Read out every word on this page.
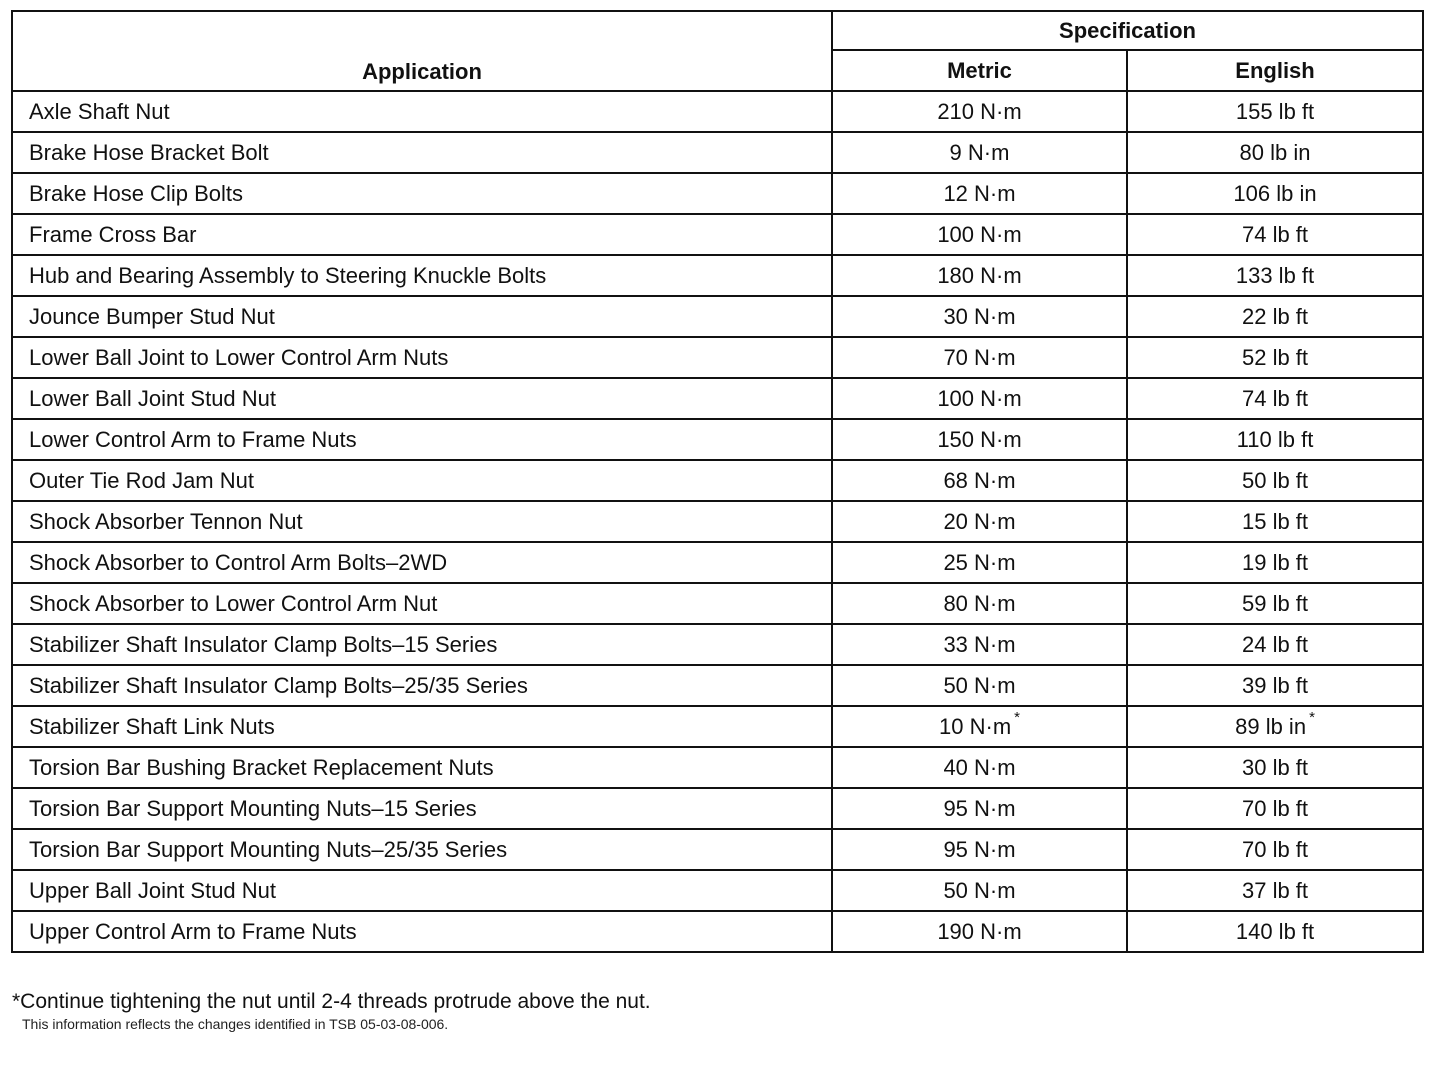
Application	Specification	
	Metric	English
Axle Shaft Nut	210 N·m	155 lb ft
Brake Hose Bracket Bolt	9 N·m	80 lb in
Brake Hose Clip Bolts	12 N·m	106 lb in
Frame Cross Bar	100 N·m	74 lb ft
Hub and Bearing Assembly to Steering Knuckle Bolts	180 N·m	133 lb ft
Jounce Bumper Stud Nut	30 N·m	22 lb ft
Lower Ball Joint to Lower Control Arm Nuts	70 N·m	52 lb ft
Lower Ball Joint Stud Nut	100 N·m	74 lb ft
Lower Control Arm to Frame Nuts	150 N·m	110 lb ft
Outer Tie Rod Jam Nut	68 N·m	50 lb ft
Shock Absorber Tennon Nut	20 N·m	15 lb ft
Shock Absorber to Control Arm Bolts–2WD	25 N·m	19 lb ft
Shock Absorber to Lower Control Arm Nut	80 N·m	59 lb ft
Stabilizer Shaft Insulator Clamp Bolts–15 Series	33 N·m	24 lb ft
Stabilizer Shaft Insulator Clamp Bolts–25/35 Series	50 N·m	39 lb ft
Stabilizer Shaft Link Nuts	10 N·m *	89 lb in *
Torsion Bar Bushing Bracket Replacement Nuts	40 N·m	30 lb ft
Torsion Bar Support Mounting Nuts–15 Series	95 N·m	70 lb ft
Torsion Bar Support Mounting Nuts–25/35 Series	95 N·m	70 lb ft
Upper Ball Joint Stud Nut	50 N·m	37 lb ft
Upper Control Arm to Frame Nuts	190 N·m	140 lb ft

*Continue tightening the nut until 2-4 threads protrude above the nut.

This information reflects the changes identified in TSB 05-03-08-006.
